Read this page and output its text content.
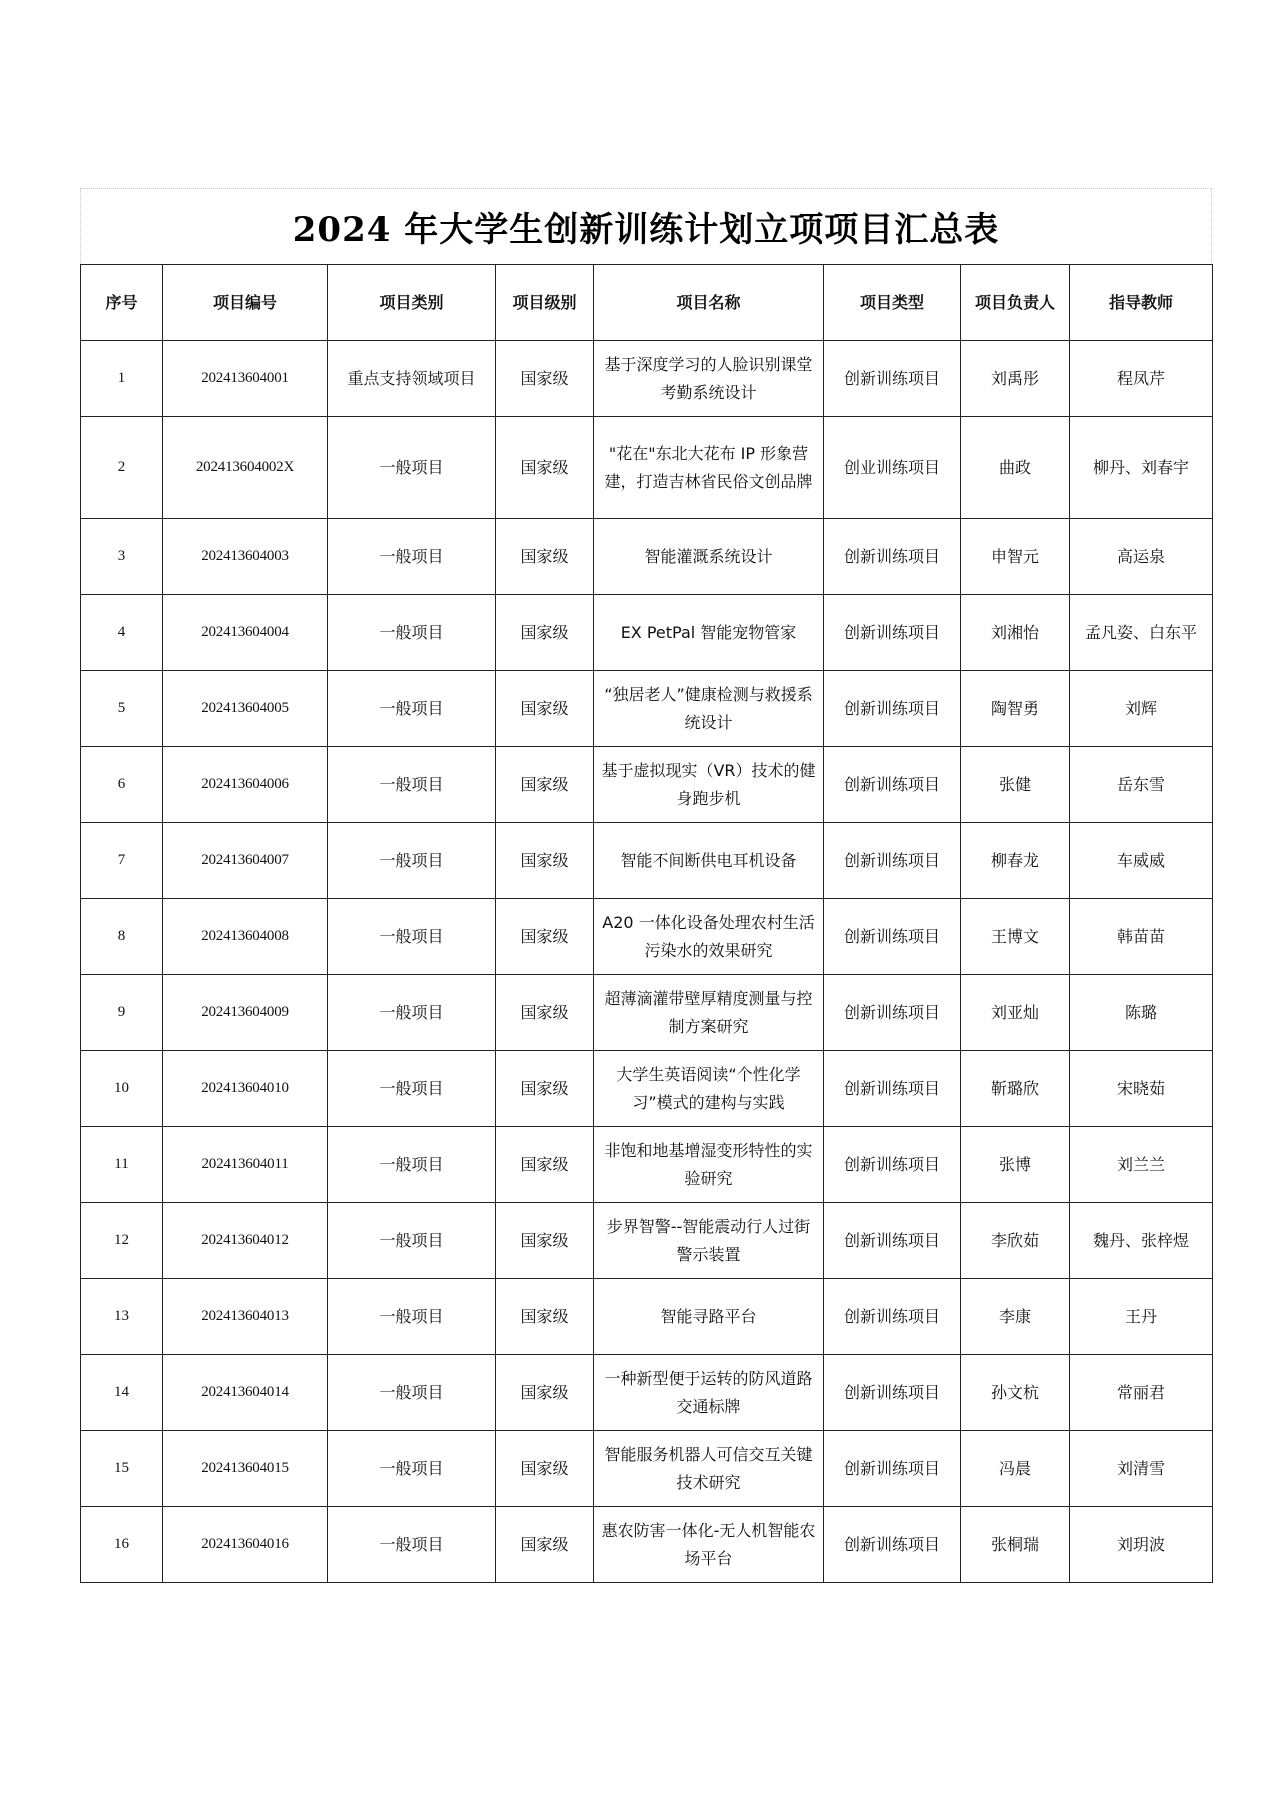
2024 年大学生创新训练计划立项项目汇总表
序号	项目编号	项目类别	项目级别	项目名称	项目类型	项目负责人	指导教师
1	202413604001	重点支持领域项目	国家级	基于深度学习的人脸识别课堂考勤系统设计	创新训练项目	刘禹彤	程凤芹
2	202413604002X	一般项目	国家级	"花在"东北大花布 IP 形象营建，打造吉林省民俗文创品牌	创业训练项目	曲政	柳丹、刘春宇
3	202413604003	一般项目	国家级	智能灌溉系统设计	创新训练项目	申智元	高运泉
4	202413604004	一般项目	国家级	EX PetPal 智能宠物管家	创新训练项目	刘湘怡	孟凡姿、白东平
5	202413604005	一般项目	国家级	“独居老人”健康检测与救援系统设计	创新训练项目	陶智勇	刘辉
6	202413604006	一般项目	国家级	基于虚拟现实（VR）技术的健身跑步机	创新训练项目	张健	岳东雪
7	202413604007	一般项目	国家级	智能不间断供电耳机设备	创新训练项目	柳春龙	车威威
8	202413604008	一般项目	国家级	A20 一体化设备处理农村生活污染水的效果研究	创新训练项目	王博文	韩苗苗
9	202413604009	一般项目	国家级	超薄滴灌带壁厚精度测量与控制方案研究	创新训练项目	刘亚灿	陈璐
10	202413604010	一般项目	国家级	大学生英语阅读“个性化学习”模式的建构与实践	创新训练项目	靳璐欣	宋晓茹
11	202413604011	一般项目	国家级	非饱和地基增湿变形特性的实验研究	创新训练项目	张博	刘兰兰
12	202413604012	一般项目	国家级	步界智警--智能震动行人过街警示装置	创新训练项目	李欣茹	魏丹、张梓煜
13	202413604013	一般项目	国家级	智能寻路平台	创新训练项目	李康	王丹
14	202413604014	一般项目	国家级	一种新型便于运转的防风道路交通标牌	创新训练项目	孙文杭	常丽君
15	202413604015	一般项目	国家级	智能服务机器人可信交互关键技术研究	创新训练项目	冯晨	刘清雪
16	202413604016	一般项目	国家级	惠农防害一体化-无人机智能农场平台	创新训练项目	张桐瑞	刘玥波
